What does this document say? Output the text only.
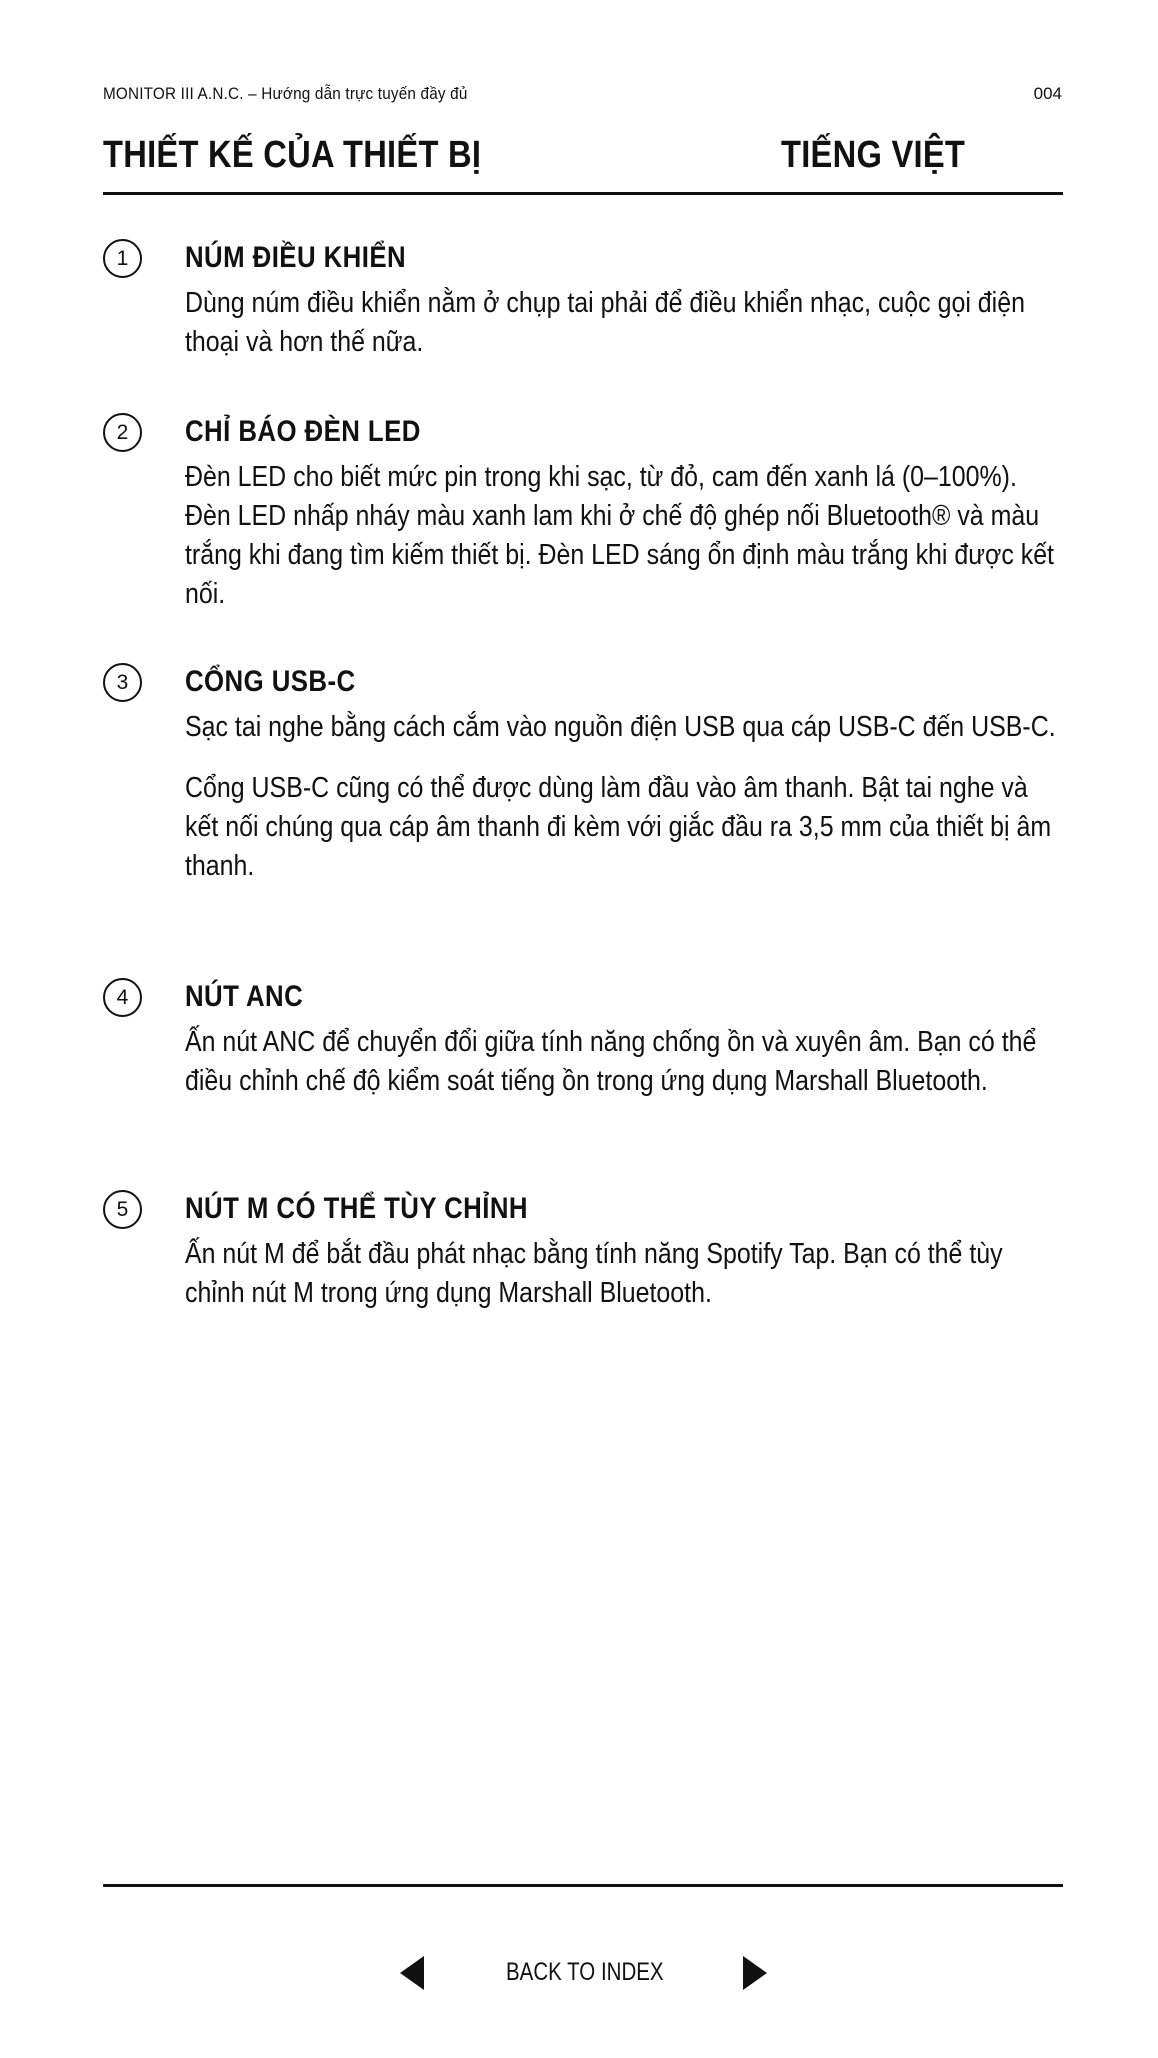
MONITOR III A.N.C. – Hướng dẫn trực tuyến đầy đủ	004
THIẾT KẾ CỦA THIẾT BỊ	TIẾNG VIỆT
1	NÚM ĐIỀU KHIỂN
Dùng núm điều khiển nằm ở chụp tai phải để điều khiển nhạc, cuộc gọi điện thoại và hơn thế nữa.
2	CHỈ BÁO ĐÈN LED
Đèn LED cho biết mức pin trong khi sạc, từ đỏ, cam đến xanh lá (0–100%). Đèn LED nhấp nháy màu xanh lam khi ở chế độ ghép nối Bluetooth® và màu trắng khi đang tìm kiếm thiết bị. Đèn LED sáng ổn định màu trắng khi được kết nối.
3	CỔNG USB-C
Sạc tai nghe bằng cách cắm vào nguồn điện USB qua cáp USB-C đến USB-C.
Cổng USB-C cũng có thể được dùng làm đầu vào âm thanh. Bật tai nghe và kết nối chúng qua cáp âm thanh đi kèm với giắc đầu ra 3,5 mm của thiết bị âm thanh.
4	NÚT ANC
Ấn nút ANC để chuyển đổi giữa tính năng chống ồn và xuyên âm. Bạn có thể điều chỉnh chế độ kiểm soát tiếng ồn trong ứng dụng Marshall Bluetooth.
5	NÚT M CÓ THỂ TÙY CHỈNH
Ấn nút M để bắt đầu phát nhạc bằng tính năng Spotify Tap. Bạn có thể tùy chỉnh nút M trong ứng dụng Marshall Bluetooth.
BACK TO INDEX
